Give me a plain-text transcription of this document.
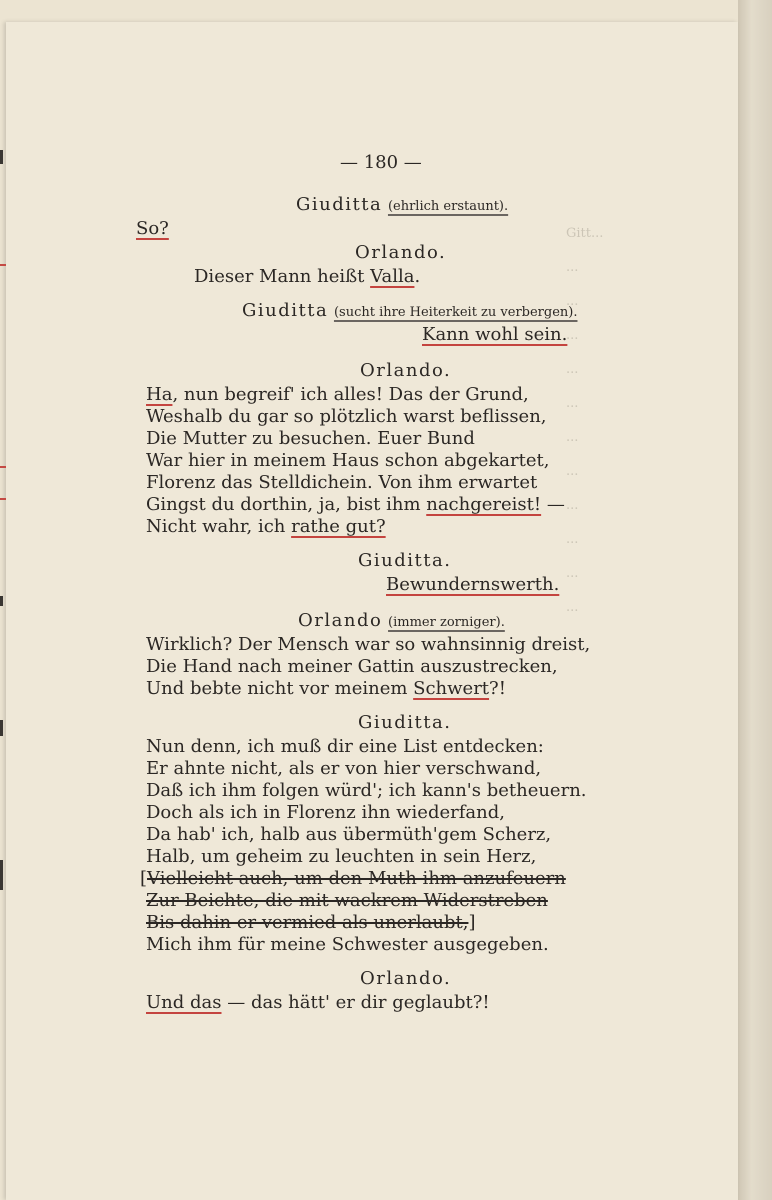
Gitt...
...
...
...
...
...
...
...
...
...
...
...
— 180 —
Giuditta (ehrlich erstaunt).
So?
Orlando.
Dieser Mann heißt Valla.
Giuditta (sucht ihre Heiterkeit zu verbergen).
Kann wohl sein.
Orlando.
Ha, nun begreif' ich alles! Das der Grund,
Weshalb du gar so plötzlich warst beflissen,
Die Mutter zu besuchen. Euer Bund
War hier in meinem Haus schon abgekartet,
Florenz das Stelldichein. Von ihm erwartet
Gingst du dorthin, ja, bist ihm nachgereist! —
Nicht wahr, ich rathe gut?
Giuditta.
Bewundernswerth.
Orlando (immer zorniger).
Wirklich? Der Mensch war so wahnsinnig dreist,
Die Hand nach meiner Gattin auszustrecken,
Und bebte nicht vor meinem Schwert?!
Giuditta.
Nun denn, ich muß dir eine List entdecken:
Er ahnte nicht, als er von hier verschwand,
Daß ich ihm folgen würd'; ich kann's betheuern.
Doch als ich in Florenz ihn wiederfand,
Da hab' ich, halb aus übermüth'gem Scherz,
Halb, um geheim zu leuchten in sein Herz,
[Vielleicht auch, um den Muth ihm anzufeuern
Zur Beichte, die mit wackrem Widerstreben
Bis dahin er vermied als unerlaubt,]
Mich ihm für meine Schwester ausgegeben.
Orlando.
Und das — das hätt' er dir geglaubt?!
